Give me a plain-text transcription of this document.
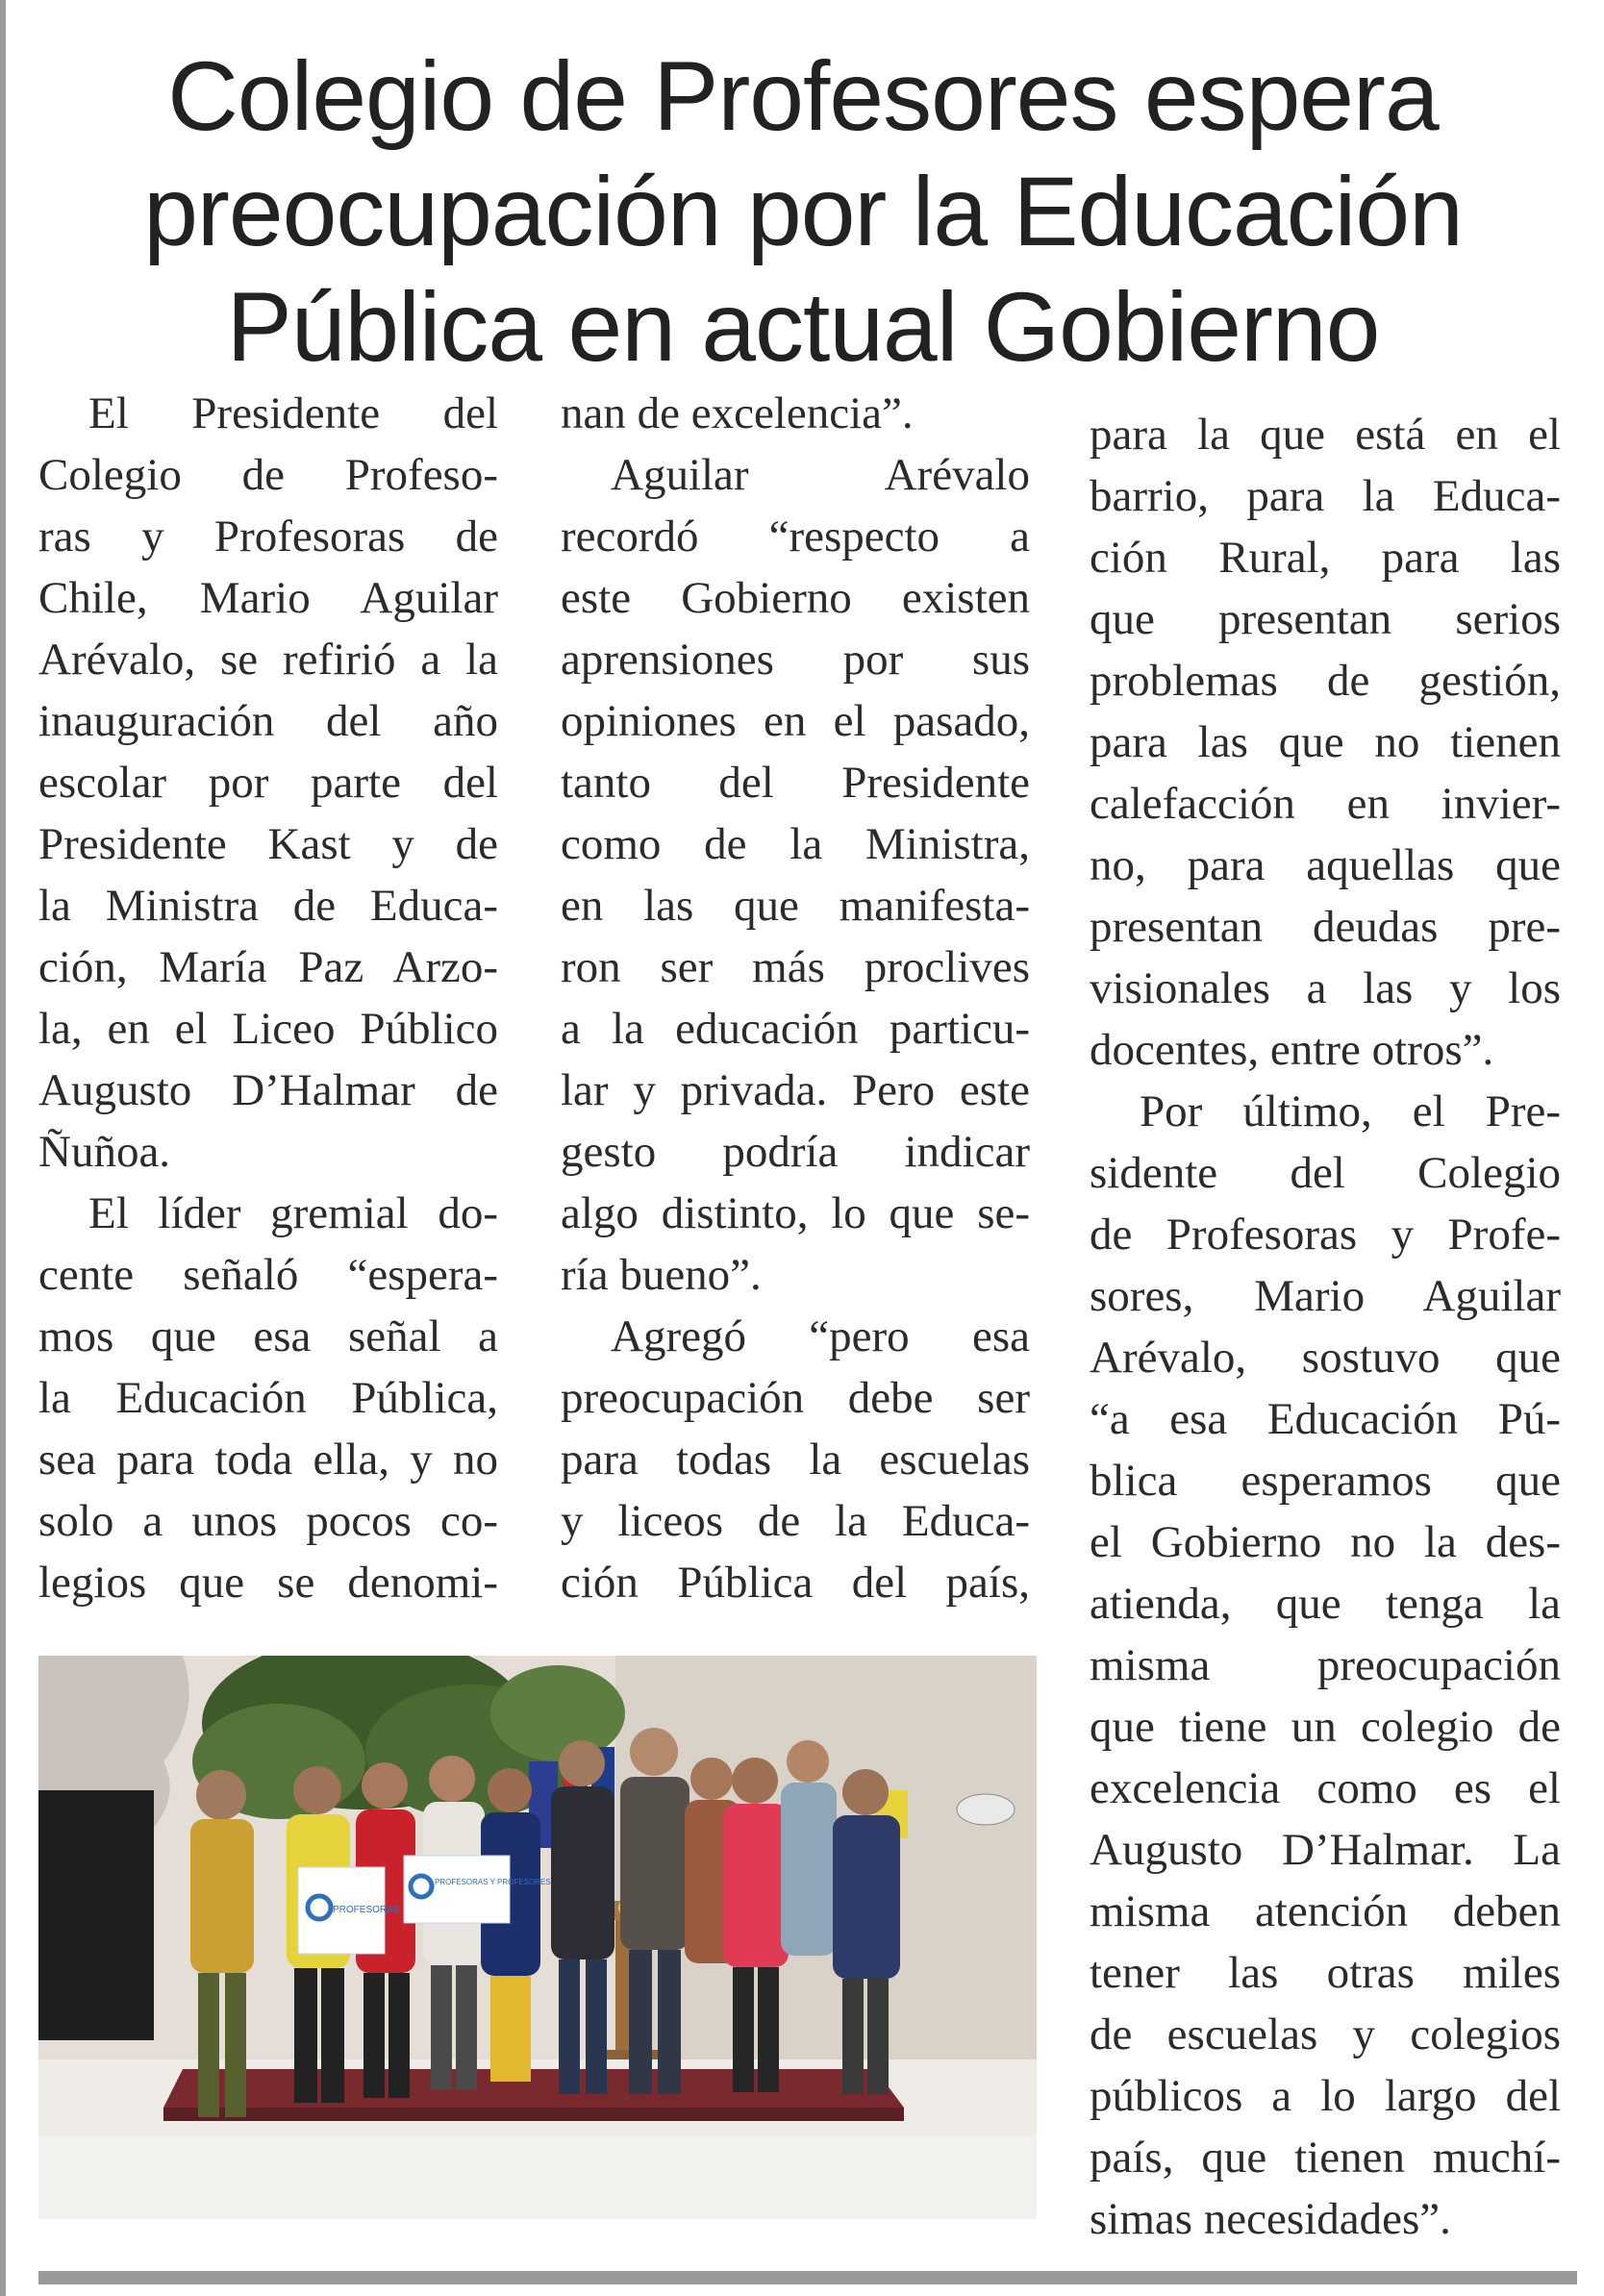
Colegio de Profesores espera
preocupación por la Educación
Pública en actual Gobierno
El Presidente del
Colegio de Profeso-
ras y Profesoras de
Chile, Mario Aguilar
Arévalo, se refirió a la
inauguración del año
escolar por parte del
Presidente Kast y de
la Ministra de Educa-
ción, María Paz Arzo-
la, en el Liceo Público
Augusto D’Halmar de
Ñuñoa.
El líder gremial do-
cente señaló “espera-
mos que esa señal a
la Educación Pública,
sea para toda ella, y no
solo a unos pocos co-
legios que se denomi-
nan de excelencia”.
Aguilar Arévalo
recordó “respecto a
este Gobierno existen
aprensiones por sus
opiniones en el pasado,
tanto del Presidente
como de la Ministra,
en las que manifesta-
ron ser más proclives
a la educación particu-
lar y privada. Pero este
gesto podría indicar
algo distinto, lo que se-
ría bueno”.
Agregó “pero esa
preocupación debe ser
para todas la escuelas
y liceos de la Educa-
ción Pública del país,
para la que está en el
barrio, para la Educa-
ción Rural, para las
que presentan serios
problemas de gestión,
para las que no tienen
calefacción en invier-
no, para aquellas que
presentan deudas pre-
visionales a las y los
docentes, entre otros”.
Por último, el Pre-
sidente del Colegio
de Profesoras y Profe-
sores, Mario Aguilar
Arévalo, sostuvo que
“a esa Educación Pú-
blica esperamos que
el Gobierno no la des-
atienda, que tenga la
misma preocupación
que tiene un colegio de
excelencia como es el
Augusto D’Halmar. La
misma atención deben
tener las otras miles
de escuelas y colegios
públicos a lo largo del
país, que tienen muchí-
simas necesidades”.
PROFESORAS
PROFESORAS Y PROFESORES
